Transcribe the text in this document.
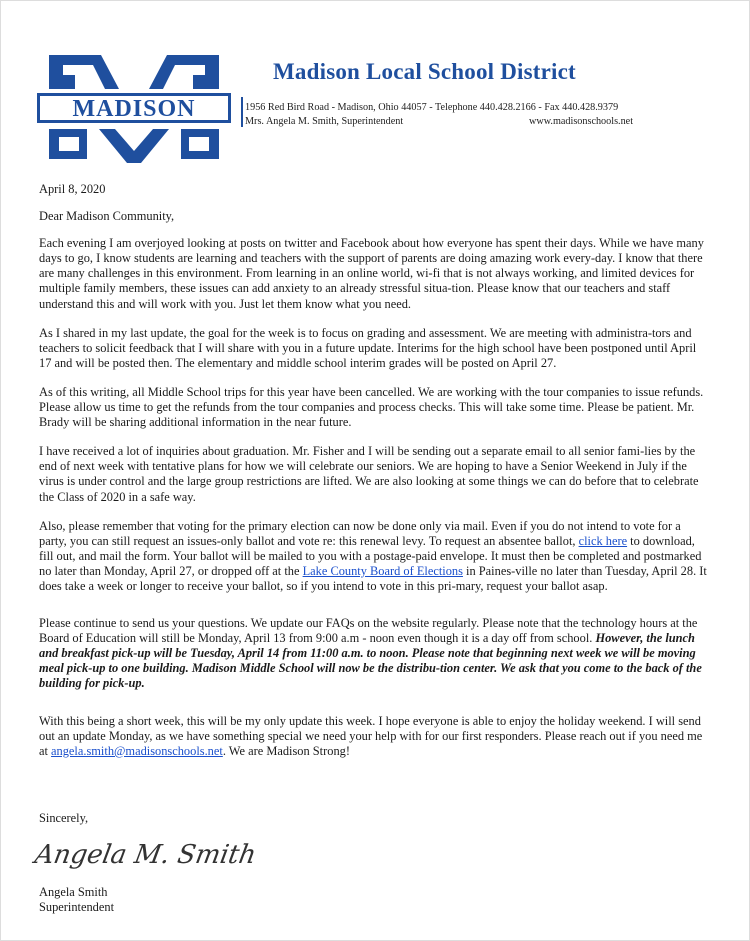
MADISON
Madison Local School District
1956 Red Bird Road - Madison, Ohio 44057 - Telephone 440.428.2166 - Fax 440.428.9379
Mrs. Angela M. Smith, Superintendent	www.madisonschools.net

April 8, 2020

Dear Madison Community,

Each evening I am overjoyed looking at posts on twitter and Facebook about how everyone has spent their days. While we have many days to go, I know students are learning and teachers with the support of parents are doing amazing work every-day. I know that there are many challenges in this environment. From learning in an online world, wi-fi that is not always working, and limited devices for multiple family members, these issues can add anxiety to an already stressful situa-tion. Please know that our teachers and staff understand this and will work with you. Just let them know what you need.

As I shared in my last update, the goal for the week is to focus on grading and assessment. We are meeting with administra-tors and teachers to solicit feedback that I will share with you in a future update. Interims for the high school have been postponed until April 17 and will be posted then. The elementary and middle school interim grades will be posted on April 27.

As of this writing, all Middle School trips for this year have been cancelled. We are working with the tour companies to issue refunds. Please allow us time to get the refunds from the tour companies and process checks. This will take some time. Please be patient. Mr. Brady will be sharing additional information in the near future.

I have received a lot of inquiries about graduation. Mr. Fisher and I will be sending out a separate email to all senior fami-lies by the end of next week with tentative plans for how we will celebrate our seniors. We are hoping to have a Senior Weekend in July if the virus is under control and the large group restrictions are lifted. We are also looking at some things we can do before that to celebrate the Class of 2020 in a safe way.

Also, please remember that voting for the primary election can now be done only via mail. Even if you do not intend to vote for a party, you can still request an issues-only ballot and vote re: this renewal levy. To request an absentee ballot, click here to download, fill out, and mail the form. Your ballot will be mailed to you with a postage-paid envelope. It must then be completed and postmarked no later than Monday, April 27, or dropped off at the Lake County Board of Elections in Paines-ville no later than Tuesday, April 28. It does take a week or longer to receive your ballot, so if you intend to vote in this pri-mary, request your ballot asap.

Please continue to send us your questions. We update our FAQs on the website regularly. Please note that the technology hours at the Board of Education will still be Monday, April 13 from 9:00 a.m - noon even though it is a day off from school. However, the lunch and breakfast pick-up will be Tuesday, April 14 from 11:00 a.m. to noon. Please note that beginning next week we will be moving meal pick-up to one building. Madison Middle School will now be the distribu-tion center. We ask that you come to the back of the building for pick-up.

With this being a short week, this will be my only update this week. I hope everyone is able to enjoy the holiday weekend. I will send out an update Monday, as we have something special we need your help with for our first responders. Please reach out if you need me at angela.smith@madisonschools.net. We are Madison Strong!

Sincerely,
Angela M. Smith
Angela Smith
Superintendent
